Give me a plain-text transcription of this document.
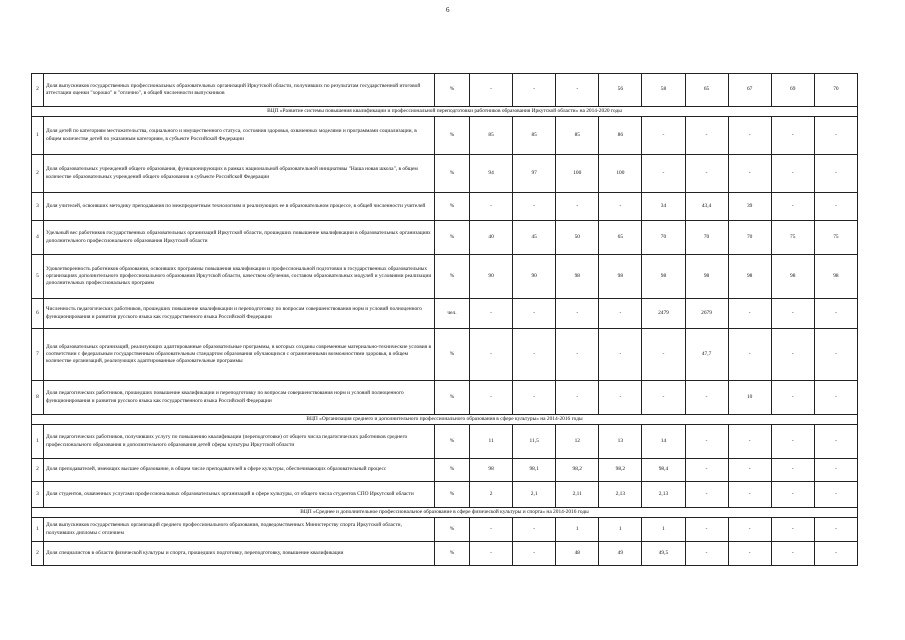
6
2	Доля выпускников государственных профессиональных образовательных организаций Иркутской области, получивших по результатам государственной итоговой аттестации оценки "хорошо" и "отлично", в общей численности выпускников	%	-	-	-	56	58	65	67	69	70
ВЦП «Развитие системы повышения квалификации и профессиональной переподготовки работников образования Иркутской области» на 2014-2020 годы											
1	Доля детей по категориям местожительства, социального и имущественного статуса, состояния здоровья, охваченных моделями и программами социализации, в общем количестве детей по указанным категориям, в субъекте Российской Федерации	%	85	85	85	86	-	-	-	-	-
2	Доля образовательных учреждений общего образования, функционирующих в рамках национальной образовательной инициативы "Наша новая школа", в общем количестве образовательных учреждений общего образования в субъекте Российской Федерации	%	94	97	100	100	-	-	-	-	-
3	Доля учителей, освоивших методику преподавания по межпредметным технологиям и реализующих ее в образовательном процессе, в общей численности учителей	%	-	-	-	-	34	43,4	39	-	-
4	Удельный вес работников государственных образовательных организаций Иркутской области, прошедших повышение квалификации в образовательных организациях дополнительного профессионального образования Иркутской области	%	40	45	50	65	70	70	70	75	75
5	Удовлетворенность работников образования, освоивших программы повышения квалификации и профессиональной подготовки в государственных образовательных организациях дополнительного профессионального образования Иркутской области, качеством обучения, составом образовательных модулей и условиями реализации дополнительных профессиональных программ	%	90	90	98	98	98	98	98	98	98
6	Численность педагогических работников, прошедших повышение квалификации и переподготовку по вопросам совершенствования норм и условий полноценного функционирования и развития русского языка как государственного языка Российской Федерации	чел.	-	-	-	-	2479	2679	-	-	-
7	Доля образовательных организаций, реализующих адаптированные образовательные программы, в которых созданы современные материально-технические условия в соответствии с федеральным государственным образовательным стандартом образования обучающихся с ограниченными возможностями здоровья, в общем количестве организаций, реализующих адаптированные образовательные программы	%	-	-	-	-	-	47,7	-	-	-
8	Доля педагогических работников, прошедших повышение квалификации и переподготовку по вопросам совершенствования норм и условий полноценного функционирования и развития русского языка как государственного языка Российской Федерации	%	-	-	-	-	-	-	10	-	-
ВЦП «Организация среднего и дополнительного профессионального образования в сфере культуры» на 2014-2016 годы											
1	Доля педагогических работников, получивших услугу по повышению квалификации (переподготовке) от общего числа педагогических работников среднего профессионального образования и дополнительного образования детей сферы культуры Иркутской области	%	11	11,5	12	13	14	-	-	-	-
2	Доля преподавателей, имеющих высшее образование, в общем числе преподавателей в сфере культуры, обеспечивающих образовательный процесс	%	98	98,1	98,2	98,2	98,4	-	-	-	-
3	Доля студентов, охваченных услугами профессиональных образовательных организаций в сфере культуры, от общего числа студентов СПО Иркутской области	%	2	2,1	2,11	2,13	2,13	-	-	-	-
ВЦП «Среднее и дополнительное профессиональное образование в сфере физической культуры и спорта» на 2014-2016 годы											
1	Доля выпускников государственных организаций среднего профессионального образования, подведомственных Министерству спорта Иркутской области, получивших дипломы с отличием	%	-	-	1	1	1	-	-	-	-
2	Доля специалистов в области физической культуры и спорта, прошедших подготовку, переподготовку, повышение квалификации	%	-	-	48	49	49,5	-	-	-	-
